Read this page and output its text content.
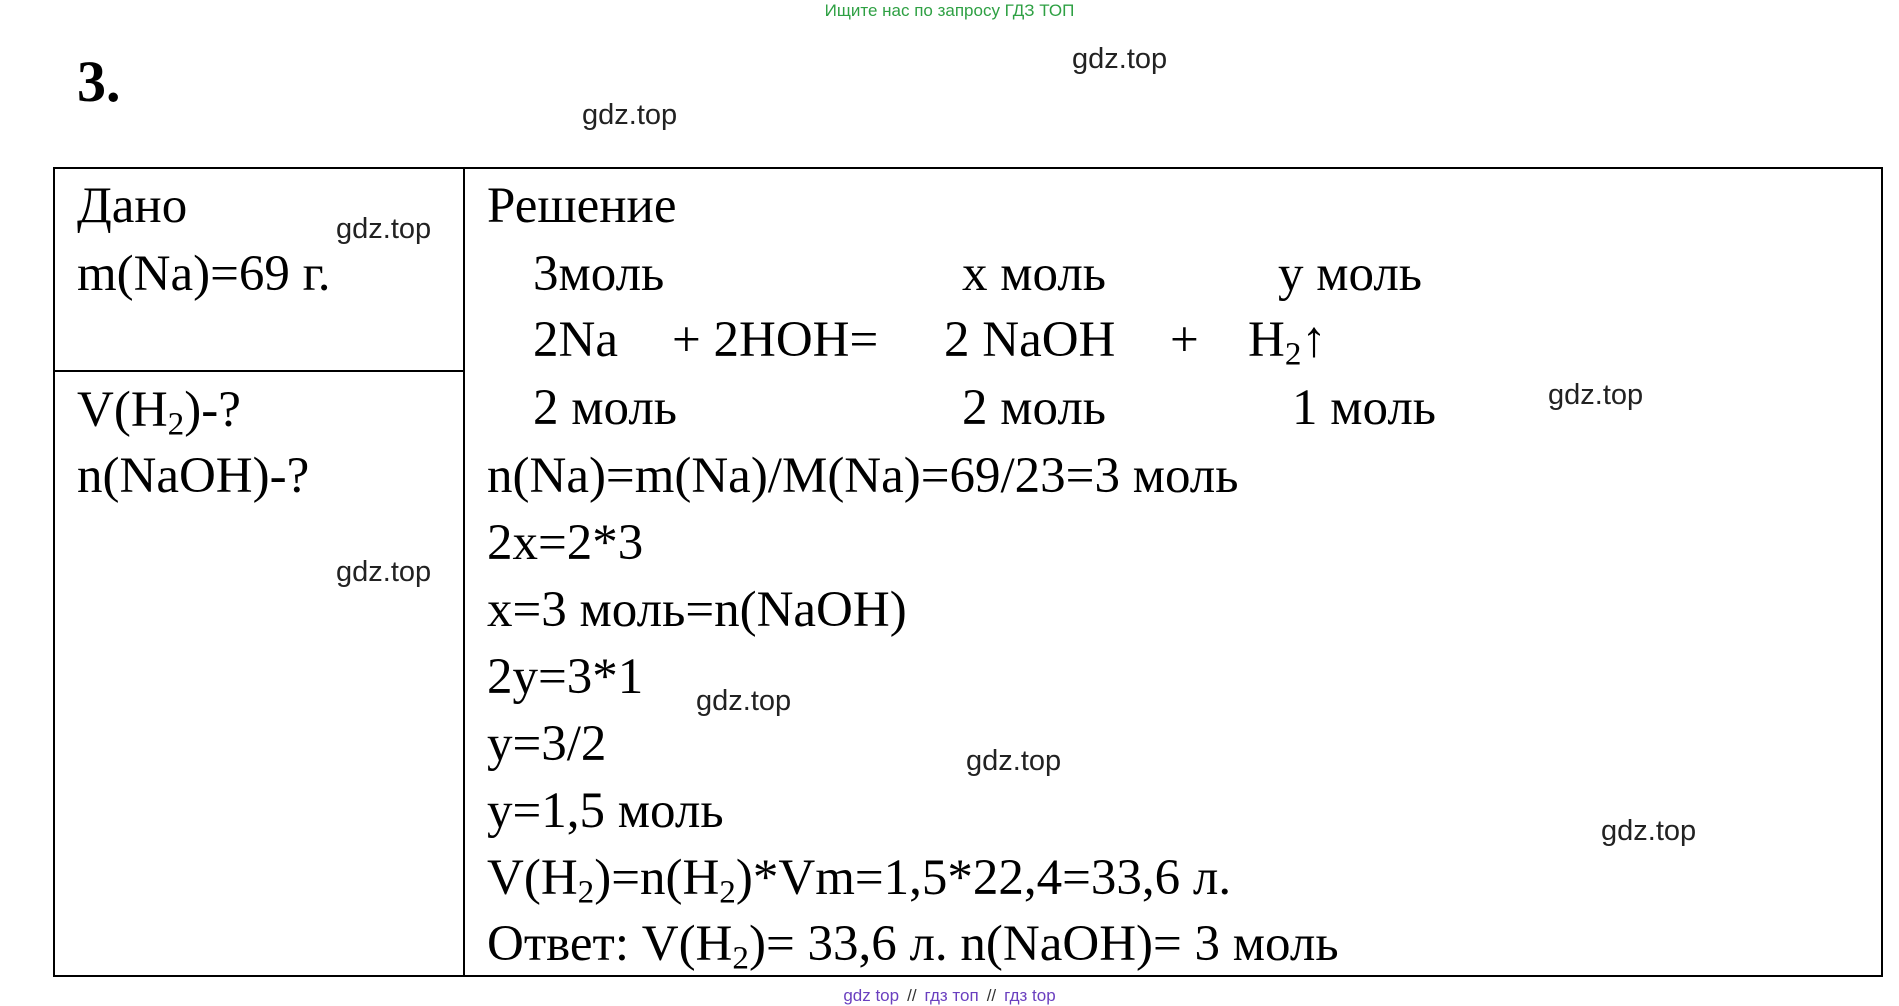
Ищите нас по запросу ГДЗ ТОП
3.	gdz.top
gdz.top
gdz.top
gdz.top
gdz.top
gdz.top
gdz.top
gdz.top
Дано
m(Na)=69 г.
$V(H_2)-$?
n(NaOH)-?
Решение
3моль	x моль	y моль
2Na + 2HOH= 2 NaOH + $H_2↑$
2 моль	2 моль	1 моль
n(Na)=m(Na)/M(Na)=69/23=3 моль
2x=2*3
x=3 моль=n(NaOH)
2y=3*1
y=3/2
y=1,5 моль
$V(H_2)=n(H_2)*Vm=1,5*22,4=33,6$ л.
Ответ: $V(H_2)= 33,6$ л. n(NaOH)= 3 моль
gdz top // гдз топ // гдз top
